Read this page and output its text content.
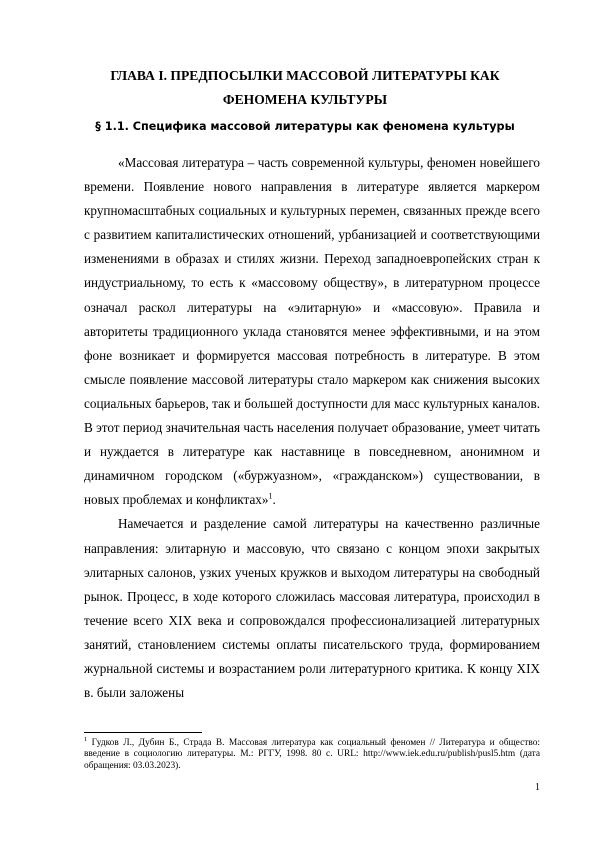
ГЛАВА I. ПРЕДПОСЫЛКИ МАССОВОЙ ЛИТЕРАТУРЫ КАК
ФЕНОМЕНА КУЛЬТУРЫ
§ 1.1. Специфика массовой литературы как феномена культуры

«Массовая литература – часть современной культуры, феномен новейшего времени. Появление нового направления в литературе является маркером крупномасштабных социальных и культурных перемен, связанных прежде всего с развитием капиталистических отношений, урбанизацией и соответствующими изменениями в образах и стилях жизни. Переход западноевропейских стран к индустриальному, то есть к «массовому обществу», в литературном процессе означал раскол литературы на «элитарную» и «массовую». Правила и авторитеты традиционного уклада становятся менее эффективными, и на этом фоне возникает и формируется массовая потребность в литературе. В этом смысле появление массовой литературы стало маркером как снижения высоких социальных барьеров, так и большей доступности для масс культурных каналов. В этот период значительная часть населения получает образование, умеет читать и нуждается в литературе как наставнице в повседневном, анонимном и динамичном городском («буржуазном», «гражданском») существовании, в новых проблемах и конфликтах»$^1$.

Намечается и разделение самой литературы на качественно различные направления: элитарную и массовую, что связано с концом эпохи закрытых элитарных салонов, узких ученых кружков и выходом литературы на свободный рынок. Процесс, в ходе которого сложилась массовая литература, происходил в течение всего XIX века и сопровождался профессионализацией литературных занятий, становлением системы оплаты писательского труда, формированием журнальной системы и возрастанием роли литературного критика. К концу XIX в. были заложены

$^1$ Гудков Л., Дубин Б., Страда В. Массовая литература как социальный феномен // Литература и общество: введение в социологию литературы. М.: РГГУ, 1998. 80 с. URL: http://www.iek.edu.ru/publish/pusl5.htm (дата обращения: 03.03.2023).

1
